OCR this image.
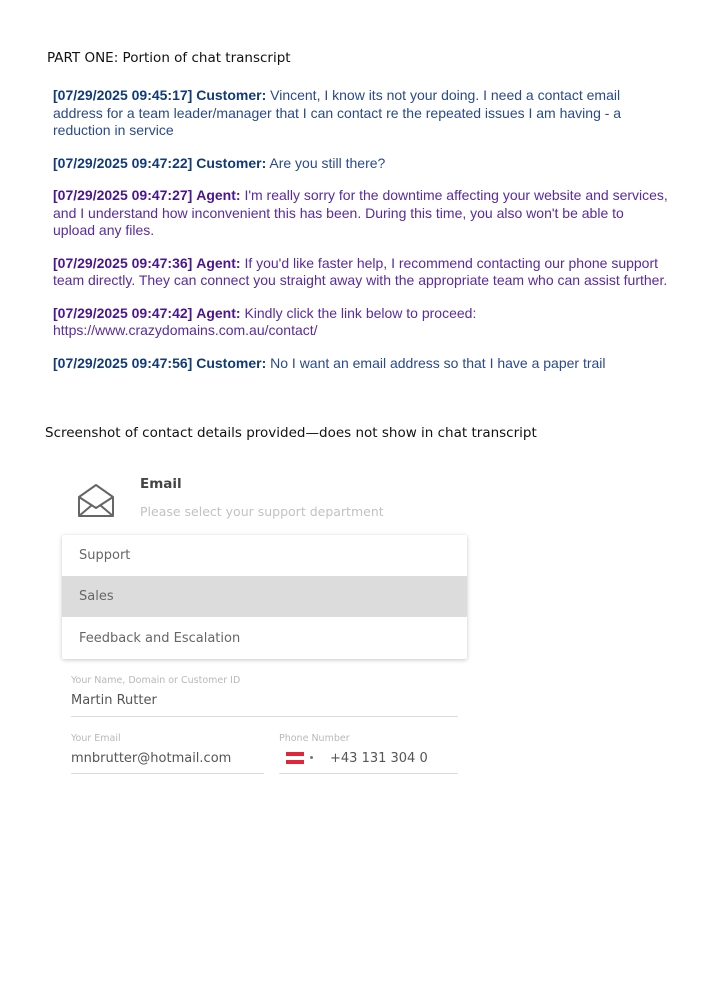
PART ONE: Portion of chat transcript
[07/29/2025 09:45:17] Customer: Vincent, I know its not your doing. I need a contact email address for a team leader/manager that I can contact re the repeated issues I am having - a reduction in service
[07/29/2025 09:47:22] Customer: Are you still there?
[07/29/2025 09:47:27] Agent: I'm really sorry for the downtime affecting your website and services, and I understand how inconvenient this has been. During this time, you also won't be able to upload any files.
[07/29/2025 09:47:36] Agent: If you'd like faster help, I recommend contacting our phone support team directly. They can connect you straight away with the appropriate team who can assist further.
[07/29/2025 09:47:42] Agent: Kindly click the link below to proceed: https://www.crazydomains.com.au/contact/
[07/29/2025 09:47:56] Customer: No I want an email address so that I have a paper trail
Screenshot of contact details provided—does not show in chat transcript
Email
Please select your support department
Support
Sales
Feedback and Escalation
Your Name, Domain or Customer ID
Martin Rutter
Your Email
mnbrutter@hotmail.com
Phone Number
+43 131 304 0
